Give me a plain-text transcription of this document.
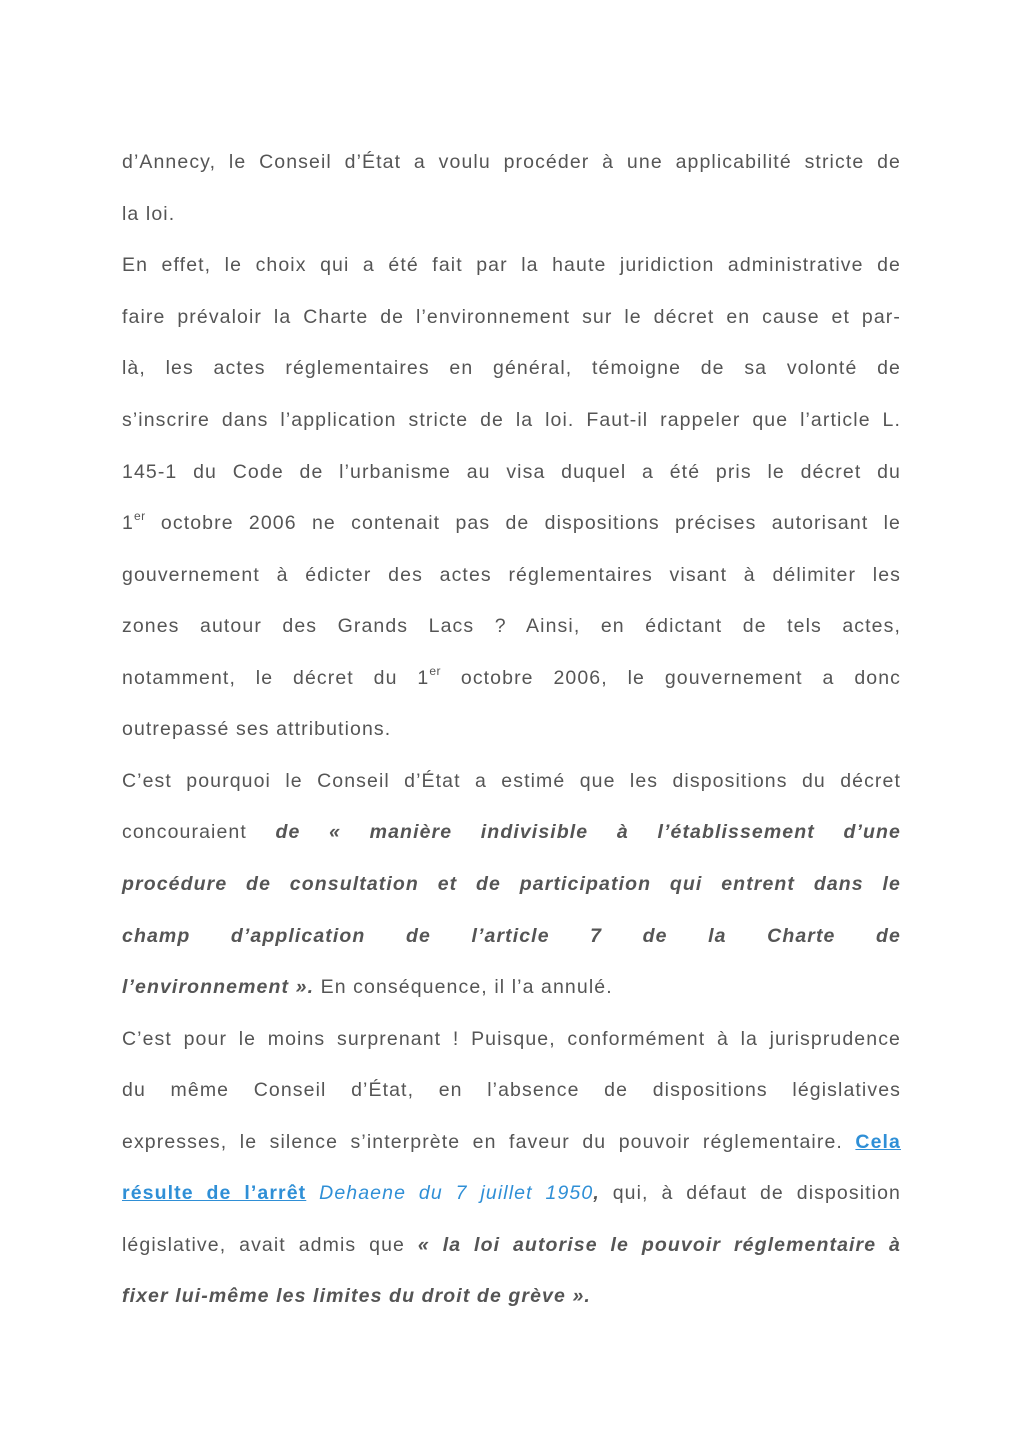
d’Annecy, le Conseil d’État a voulu procéder à une applicabilité stricte de
la loi.
En effet, le choix qui a été fait par la haute juridiction administrative de
faire prévaloir la Charte de l’environnement sur le décret en cause et par-
là, les actes réglementaires en général, témoigne de sa volonté de
s’inscrire dans l’application stricte de la loi. Faut-il rappeler que l’article L.
145-1 du Code de l’urbanisme au visa duquel a été pris le décret du
1er octobre 2006 ne contenait pas de dispositions précises autorisant le
gouvernement à édicter des actes réglementaires visant à délimiter les
zones autour des Grands Lacs ? Ainsi, en édictant de tels actes,
notamment, le décret du 1er octobre 2006, le gouvernement a donc
outrepassé ses attributions.
C’est pourquoi le Conseil d’État a estimé que les dispositions du décret
concouraient de « manière indivisible à l’établissement d’une
procédure de consultation et de participation qui entrent dans le
champ d’application de l’article 7 de la Charte de
l’environnement ». En conséquence, il l’a annulé.
C’est pour le moins surprenant ! Puisque, conformément à la jurisprudence
du même Conseil d’État, en l’absence de dispositions législatives
expresses, le silence s’interprète en faveur du pouvoir réglementaire. Cela
résulte de l’arrêt Dehaene du 7 juillet 1950, qui, à défaut de disposition
législative, avait admis que « la loi autorise le pouvoir réglementaire à
fixer lui-même les limites du droit de grève ».
